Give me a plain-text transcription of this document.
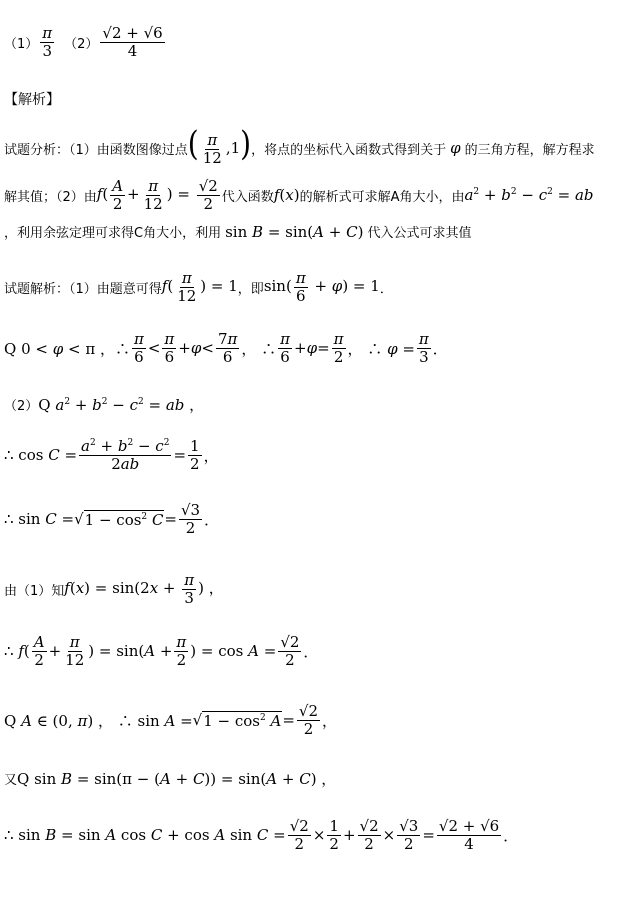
$(1) \frac{\pi}{3} (2) \frac{√2 + √6}{4}$
【解析】
试题分析：（1）由函数图像过点 ( $\frac{\pi}{12} ,1$) ，将点的坐标代入函数式得到关于 φ 的三角方程，解方程求
解其值；（2）由 $f( \frac{A}{2} + \frac{\pi}{12}$ ) = $\frac{√2}{2}$ 代入函数 f(x) 的解析式可求解A角大小，由 $a^2 + b^2 - c^2$ = ab
，利用余弦定理可求得C角大小，利用 sin B = sin(A + C) 代入公式可求其值
试题解析：（1）由题意可得 $f( \frac{\pi}{12}$ ) = 1 ，即 $\sin( \frac{\pi}{6} + \varphi) = 1$ ．
Q 0 < φ < π ，∴ $\frac{\pi}{6} < \frac{\pi}{6} + \varphi < \frac{7\pi}{6}$ ， ∴ $\frac{\pi}{6} + \varphi = \frac{\pi}{2}$ ， ∴ $\varphi = \frac{\pi}{3}$ ．
（2） Q $a^2 + b^2 - c^2$ = ab ，
∴ $\cos C = \frac{a^2 + b^2 - c^2}{2ab} = \frac{1}{2}$ ，
∴ sin C = √ $1 - \cos^2 C = \frac{√3}{2}$ ．
由（1）知 $f(x) = \sin(2x + \frac{\pi}{3}$ ) ，
∴ $f( \frac{A}{2} + \frac{\pi}{12}$ ) = $\sin(A + \frac{\pi}{2}$ ) = $\cos A = \frac{√2}{2}$ ．
Q A ∈ (0, π) ， ∴ sin A = √ $1 - \cos^2 A = \frac{√2}{2}$ ，
又 Q sin B = sin(π − (A + C)) = sin(A + C) ，
∴ sin B = sin A cos C + cos A $\sin C = \frac{√2}{2} \times \frac{1}{2} + \frac{√2}{2} \times \frac{√3}{2} = \frac{√2 + √6}{4}$ ．
